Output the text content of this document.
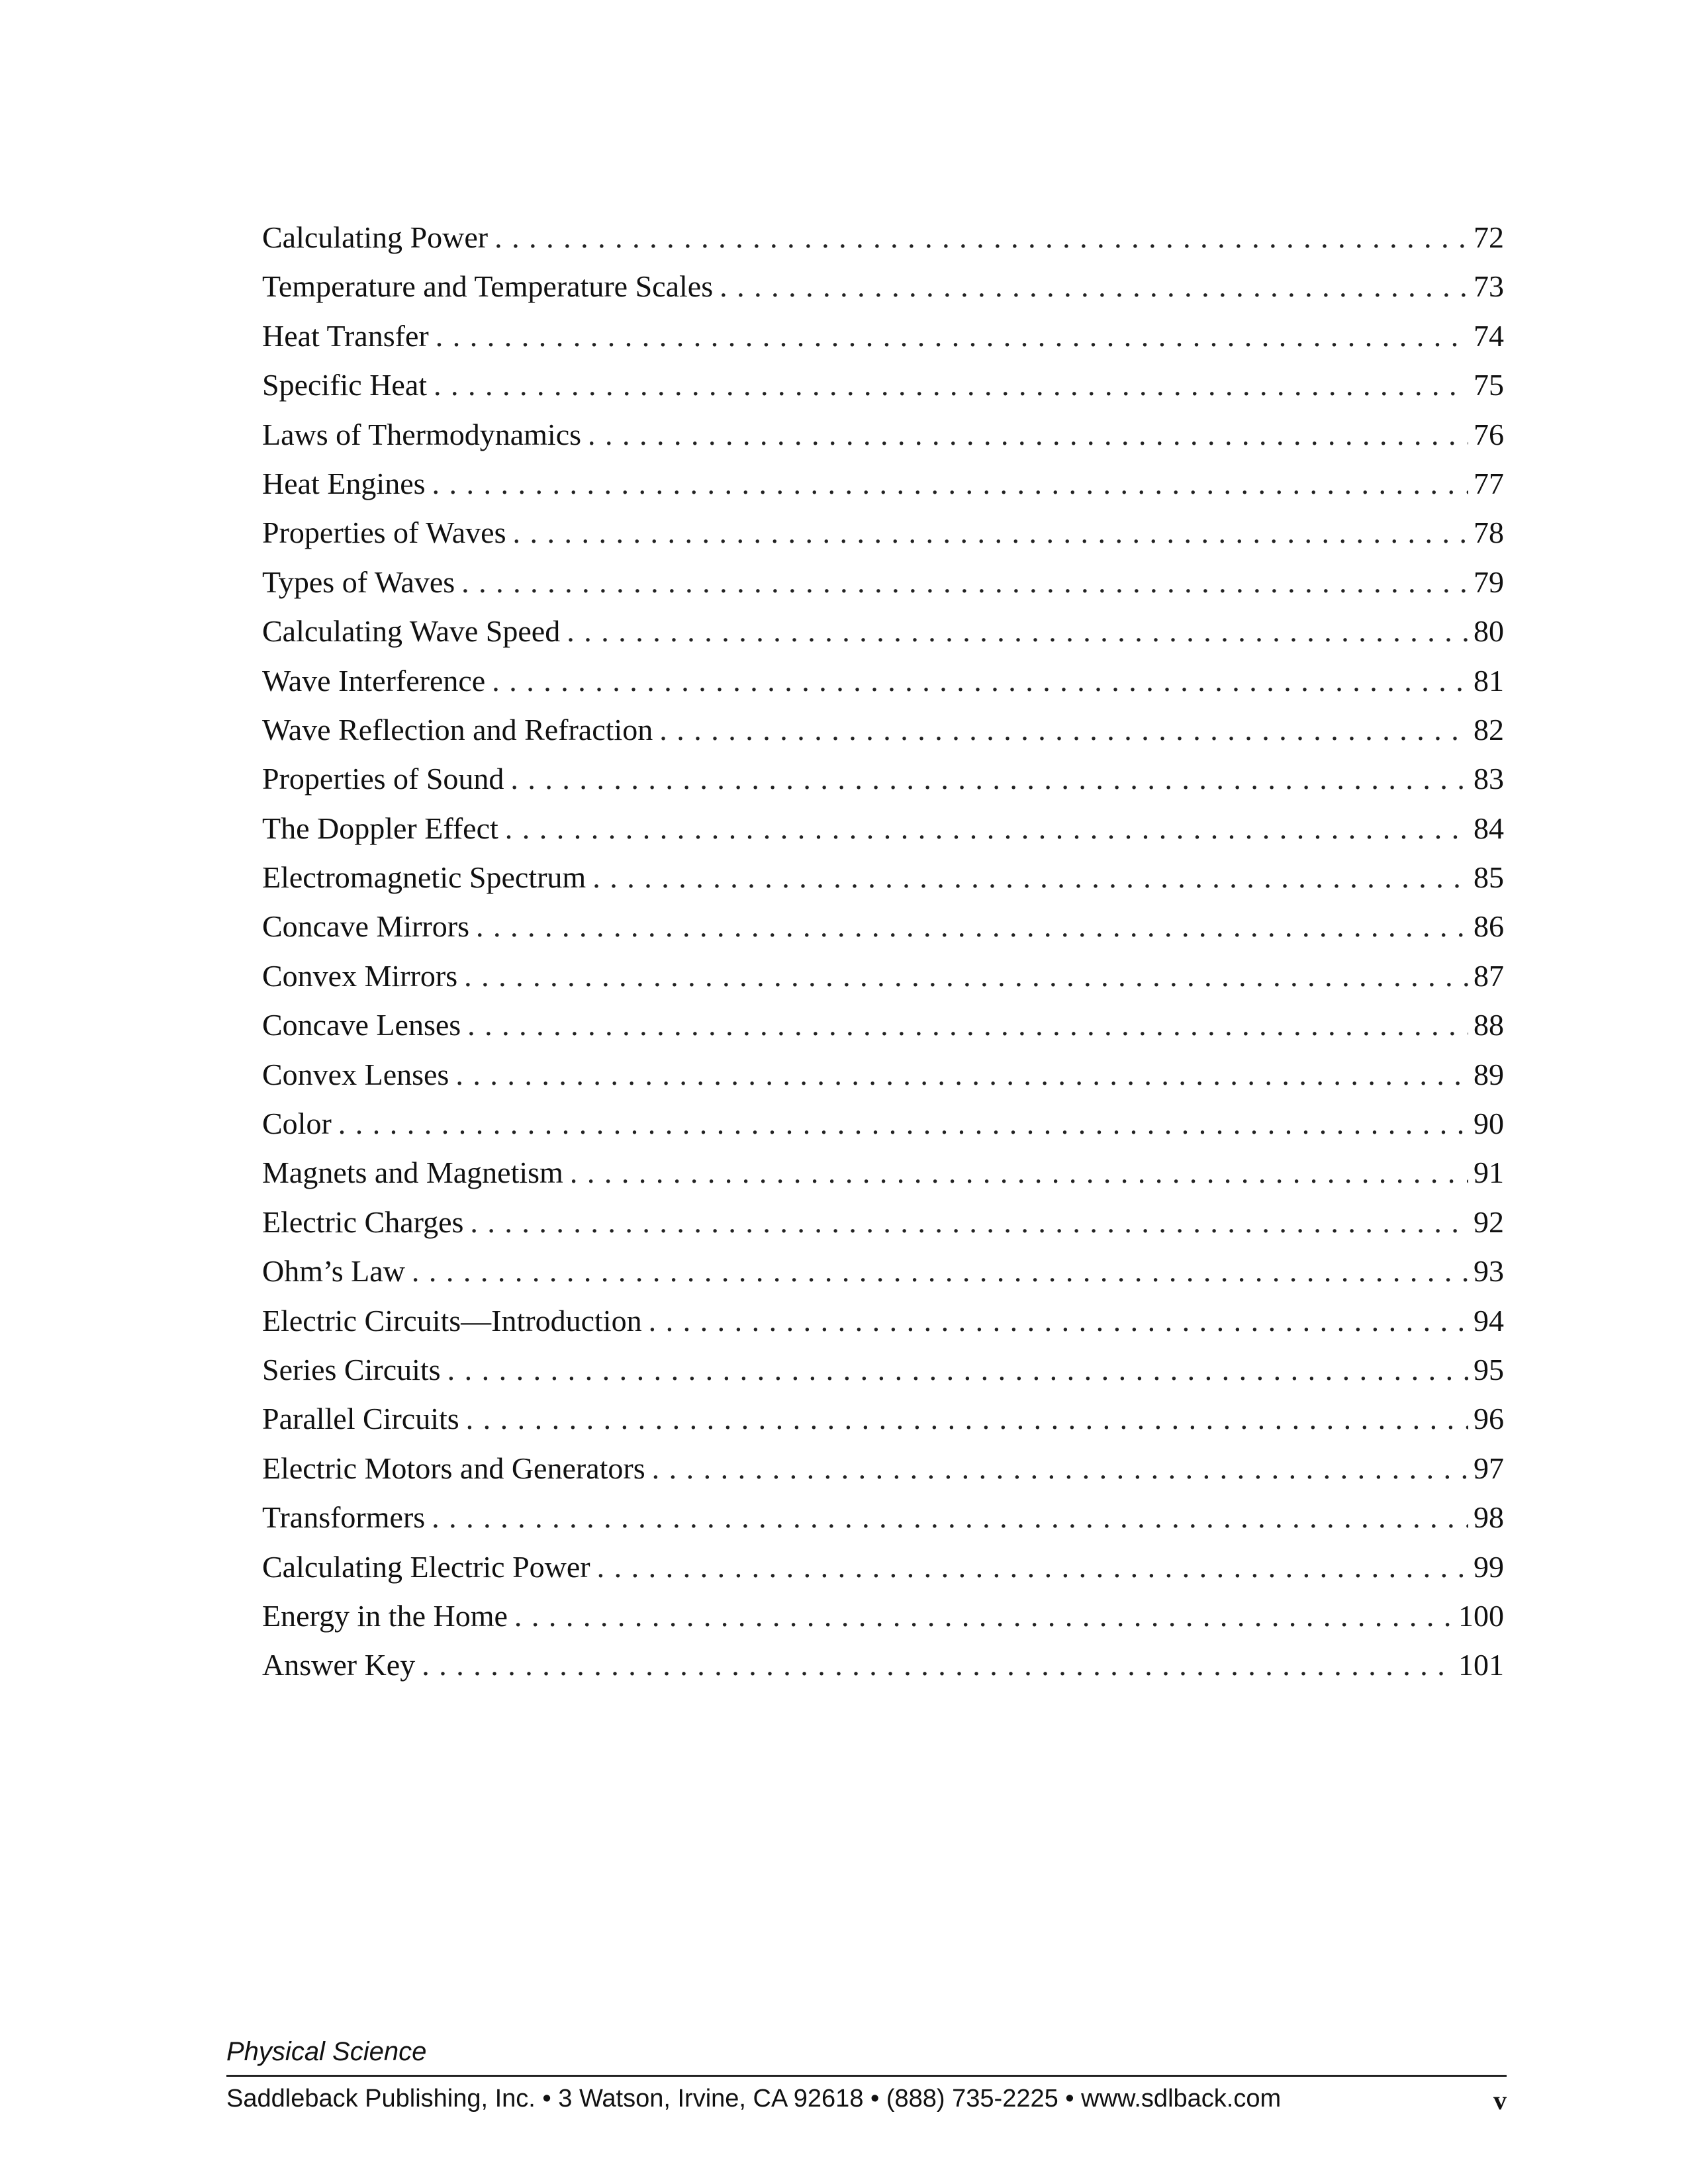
Calculating Power . . .	72
Temperature and Temperature Scales . . .	73
Heat Transfer . . .	74
Specific Heat . . .	75
Laws of Thermodynamics . . .	76
Heat Engines . . .	77
Properties of Waves . . .	78
Types of Waves . . .	79
Calculating Wave Speed . . .	80
Wave Interference . . .	81
Wave Reflection and Refraction . . .	82
Properties of Sound . . .	83
The Doppler Effect . . .	84
Electromagnetic Spectrum . . .	85
Concave Mirrors . . .	86
Convex Mirrors . . .	87
Concave Lenses . . .	88
Convex Lenses . . .	89
Color . . .	90
Magnets and Magnetism . . .	91
Electric Charges . . .	92
Ohm’s Law . . .	93
Electric Circuits—Introduction . . .	94
Series Circuits . . .	95
Parallel Circuits . . .	96
Electric Motors and Generators . . .	97
Transformers . . .	98
Calculating Electric Power . . .	99
Energy in the Home . . .	100
Answer Key . . .	101
Physical Science
Saddleback Publishing, Inc. • 3 Watson, Irvine, CA 92618 • (888) 735-2225 • www.sdlback.com	v
